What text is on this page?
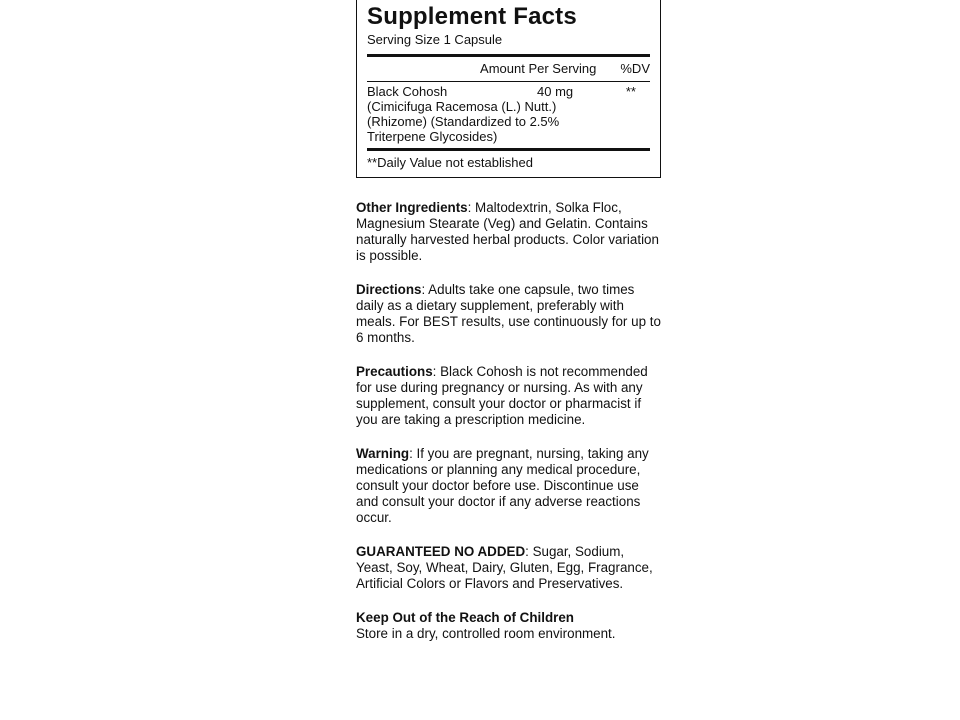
Supplement Facts
Serving Size 1 Capsule
Amount Per Serving %DV
Black Cohosh	40 mg	**
(Cimicifuga Racemosa (L.) Nutt.)
(Rhizome) (Standardized to 2.5%
Triterpene Glycosides)
**Daily Value not established
Other Ingredients: Maltodextrin, Solka Floc, Magnesium Stearate (Veg) and Gelatin. Contains naturally harvested herbal products. Color variation is possible.
Directions: Adults take one capsule, two times daily as a dietary supplement, preferably with meals. For BEST results, use continuously for up to 6 months.
Precautions: Black Cohosh is not recommended for use during pregnancy or nursing. As with any supplement, consult your doctor or pharmacist if you are taking a prescription medicine.
Warning: If you are pregnant, nursing, taking any medications or planning any medical procedure, consult your doctor before use. Discontinue use and consult your doctor if any adverse reactions occur.
GUARANTEED NO ADDED: Sugar, Sodium, Yeast, Soy, Wheat, Dairy, Gluten, Egg, Fragrance, Artificial Colors or Flavors and Preservatives.
Keep Out of the Reach of Children
Store in a dry, controlled room environment.
